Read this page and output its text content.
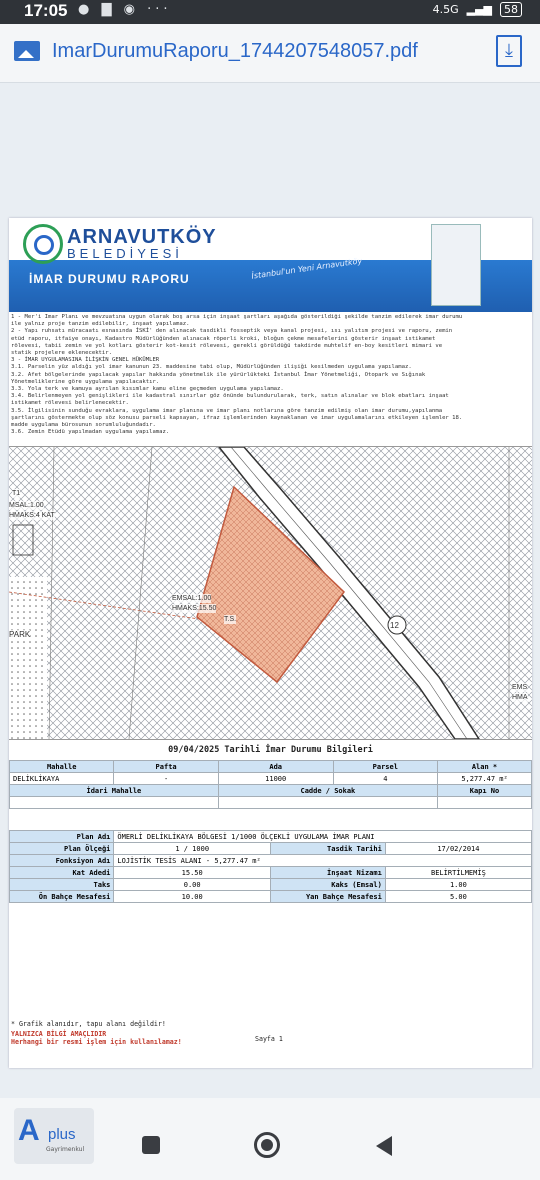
17:05 ● ▇ ◉ ···	4.5G ▂▄▆	58
ImarDurumuRaporu_1744207548057.pdf	⤓
ARNAVUTKÖY
BELEDİYESİ
İMAR DURUMU RAPORU	İstanbul'un Yeni Arnavutköy
1 - Mer'i İmar Planı ve mevzuatına uygun olarak boş arsa için inşaat şartları aşağıda gösterildiği şekilde tanzim edilerek imar durumu
ile yalnız proje tanzim edilebilir, inşaat yapılamaz.
2 - Yapı ruhsatı müracaatı esnasında İSKİ' den alınacak tasdikli fosseptik veya kanal projesi, ısı yalıtım projesi ve raporu, zemin
etüd raporu, itfaiye onayı, Kadastro Müdürlüğünden alınacak röperli kroki, bloğun çekme mesafelerini gösterir inşaat istikamet
rölevesi, tabii zemin ve yol kotları gösterir kot-kesit rölevesi, gerekli görüldüğü takdirde muhtelif en-boy kesitleri mimari ve
statik projelere eklenecektir.
3 - İMAR UYGULAMASINA İLİŞKİN GENEL HÜKÜMLER
3.1. Parselin yüz aldığı yol imar kanunun 23. maddesine tabi olup, Müdürlüğünden ilişiği kesilmeden uygulama yapılamaz.
3.2. Afet bölgelerinde yapılacak yapılar hakkında yönetmelik ile yürürlükteki İstanbul İmar Yönetmeliği, Otopark ve Sığınak
Yönetmeliklerine göre uygulama yapılacaktır.
3.3. Yola terk ve kamuya ayrılan kısımlar kamu eline geçmeden uygulama yapılamaz.
3.4. Belirlenmeyen yol genişlikleri ile kadastral sınırlar göz önünde bulundurularak, terk, satın alınalar ve blok ebatları inşaat
istikamet rölevesi belirlenecektir.
3.5. İlgilisinin sunduğu evraklara, uygulama imar planına ve imar planı notlarına göre tanzim edilmiş olan imar durumu,yapılanma
şartlarını göstermekte olup söz konusu parseli kapsayan, ifraz işlemlerinden kaynaklanan ve imar uygulamalarını etkileyen işlemler 18.
madde uygulama bürosunun sorumluluğundadır.
3.6. Zemin Etüdü yapılmadan uygulama yapılamaz.
T1
MSAL:1.00
HMAKS:4 KAT
PARK
EMSAL:1.00
HMAKS:15.50
T.S.
12
EMS
HMA
09/04/2025 Tarihli İmar Durumu Bilgileri
Mahalle	Pafta	Ada	Parsel	Alan *
DELİKLİKAYA	-	11000	4	5,277.47 m²
İdari Mahalle		Cadde / Sokak		Kapı No

Plan Adı	ÖMERLİ DELİKLİKAYA BÖLGESİ 1/1000 ÖLÇEKLİ UYGULAMA İMAR PLANI		
Plan Ölçeği	1 / 1000	Tasdik Tarihi	17/02/2014
Fonksiyon Adı	LOJİSTİK TESİS ALANI - 5,277.47 m²		
Kat Adedi	15.50	İnşaat Nizamı	BELİRTİLMEMİŞ
Taks	0.00	Kaks (Emsal)	1.00
Ön Bahçe Mesafesi	10.00	Yan Bahçe Mesafesi	5.00
* Grafik alanıdır, tapu alanı değildir!
YALNIZCA BİLGİ AMAÇLIDIR
Herhangi bir resmi işlem için kullanılamaz!	Sayfa 1
A plus
Gayrimenkul
